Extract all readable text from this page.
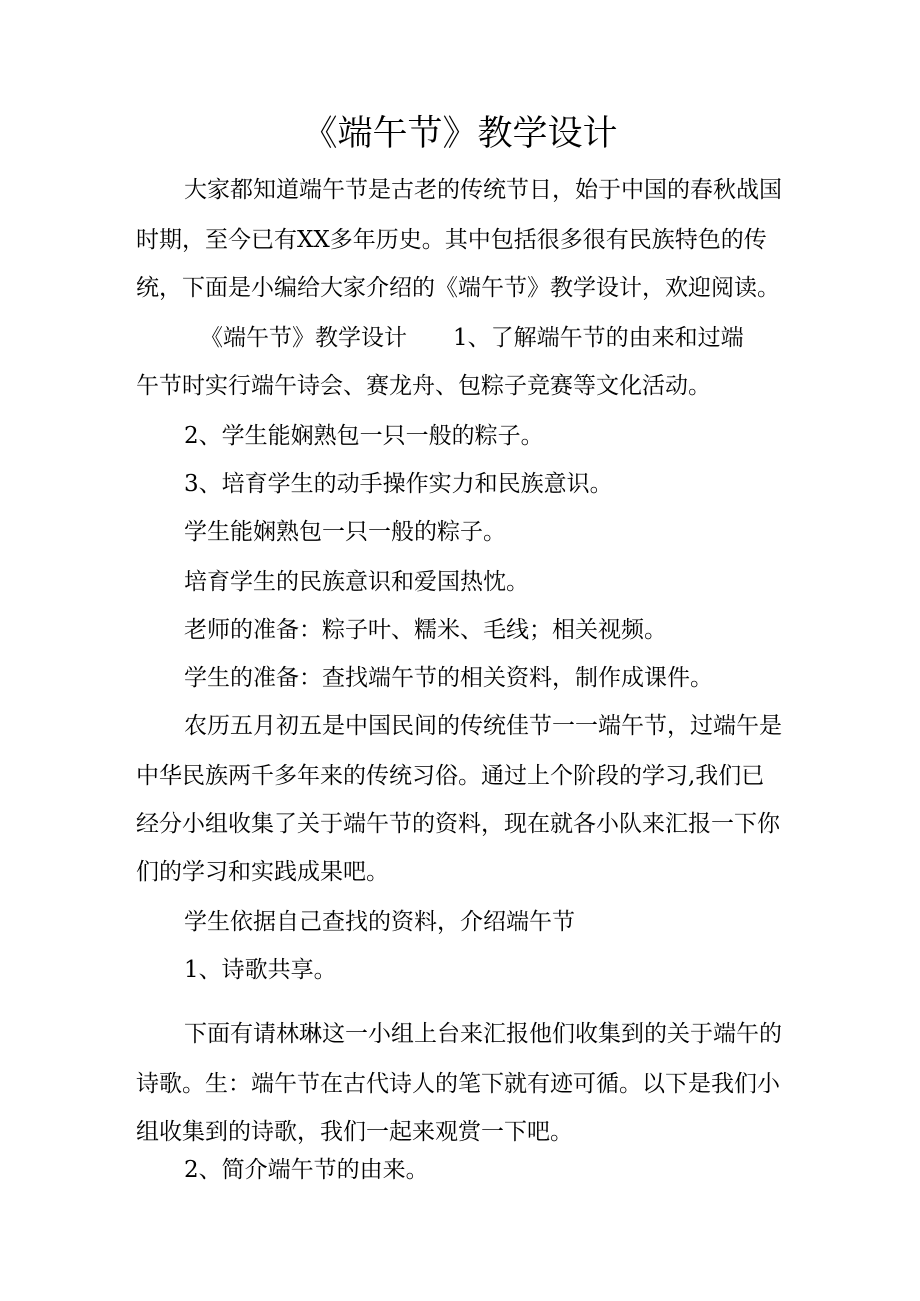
《端午节》教学设计
大家都知道端午节是古老的传统节日，始于中国的春秋战国
时期，至今已有XX多年历史。其中包括很多很有民族特色的传
统，下面是小编给大家介绍的《端午节》教学设计，欢迎阅读。
《端午节》教学设计　　1、了解端午节的由来和过端
午节时实行端午诗会、赛龙舟、包粽子竞赛等文化活动。
2、学生能娴熟包一只一般的粽子。
3、培育学生的动手操作实力和民族意识。
学生能娴熟包一只一般的粽子。
培育学生的民族意识和爱国热忱。
老师的准备：粽子叶、糯米、毛线；相关视频。
学生的准备：查找端午节的相关资料，制作成课件。
农历五月初五是中国民间的传统佳节一一端午节，过端午是
中华民族两千多年来的传统习俗。通过上个阶段的学习,我们已
经分小组收集了关于端午节的资料，现在就各小队来汇报一下你
们的学习和实践成果吧。
学生依据自己查找的资料，介绍端午节
1、诗歌共享。
下面有请林琳这一小组上台来汇报他们收集到的关于端午的
诗歌。生：端午节在古代诗人的笔下就有迹可循。以下是我们小
组收集到的诗歌，我们一起来观赏一下吧。
2、简介端午节的由来。
